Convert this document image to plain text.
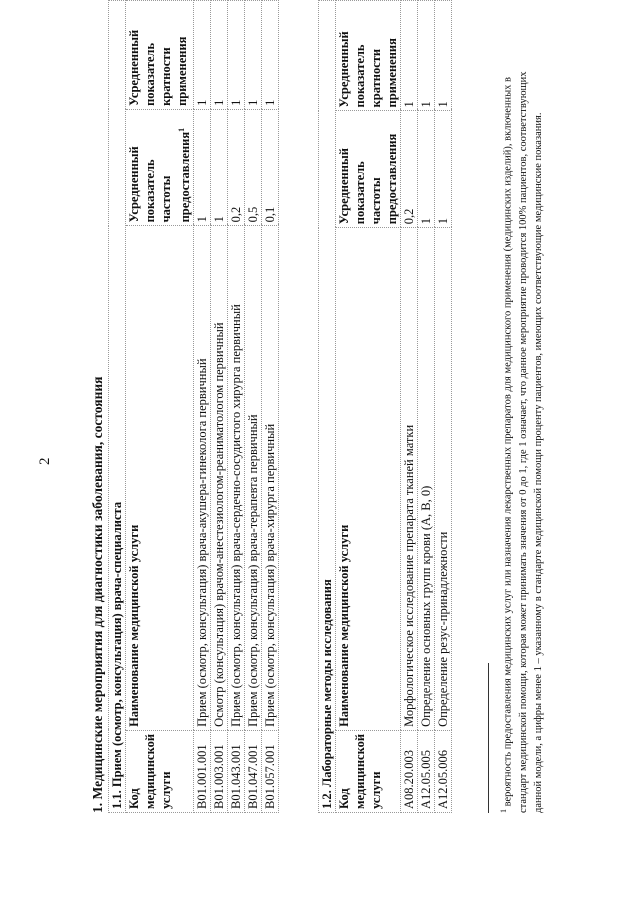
2	1. Медицинские мероприятия для диагностики заболевания, состояния 1.1. Прием (осмотр, консультация) врача-специалиста			
Код медицинской услуги	Наименование медицинской услуги	Усредненный показатель частоты предоставления$^1$	Усредненный показатель кратности применения
B01.001.001	Прием (осмотр, консультация) врача-акушера-гинеколога первичный	1	1
B01.003.001	Осмотр (консультация) врачом-анестезиологом-реаниматологом первичный	1	1
B01.043.001	Прием (осмотр, консультация) врача-сердечно-сосудистого хирурга первичный	0,2	1
B01.047.001	Прием (осмотр, консультация) врача-терапевта первичный	0,5	1
B01.057.001	Прием (осмотр, консультация) врача-хирурга первичный	0,1	1
1.2. Лабораторные методы исследования			
Код медицинской услуги	Наименование медицинской услуги	Усредненный показатель частоты предоставления	Усредненный показатель кратности применения
A08.20.003	Морфологическое исследование препарата тканей матки	0,2	1
A12.05.005	Определение основных групп крови (A, B, 0)	1	1
A12.05.006	Определение резус-принадлежности	1	1
$^1$ вероятность предоставления медицинских услуг или назначения лекарственных препаратов для медицинского применения (медицинских изделий), включенных в стандарт медицинской помощи, которая может принимать значения от 0 до 1, где 1 означает, что данное мероприятие проводится 100% пациентов, соответствующих данной модели, а цифры менее 1 – указанному в стандарте медицинской помощи проценту пациентов, имеющих соответствующие медицинские показания.
